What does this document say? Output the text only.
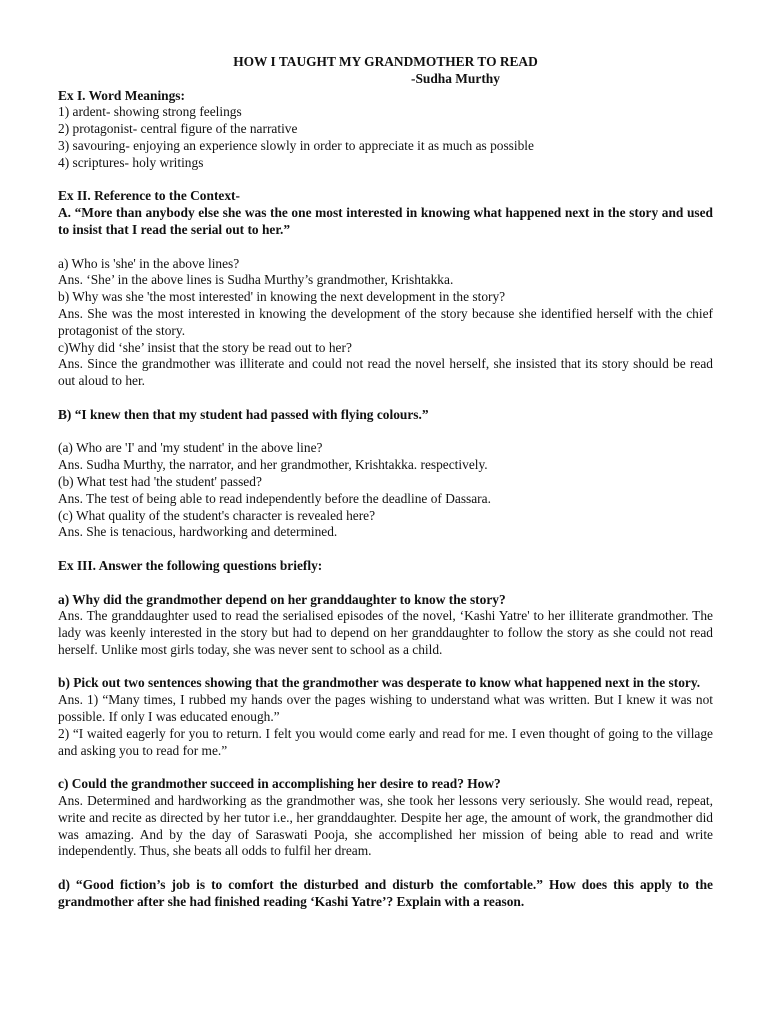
HOW I TAUGHT MY GRANDMOTHER TO READ

-Sudha Murthy

Ex I. Word Meanings:

1) ardent- showing strong feelings

2) protagonist- central figure of the narrative

3) savouring- enjoying an experience slowly in order to appreciate it as much as possible

4) scriptures- holy writings

Ex II. Reference to the Context-

A. “More than anybody else she was the one most interested in knowing what happened next in the story and used to insist that I read the serial out to her.”

a) Who is 'she' in the above lines?

Ans. ‘She’ in the above lines is Sudha Murthy’s grandmother, Krishtakka.

b) Why was she 'the most interested' in knowing the next development in the story?

Ans. She was the most interested in knowing the development of the story because she identified herself with the chief protagonist of the story.

c)Why did ‘she’ insist that the story be read out to her?

Ans. Since the grandmother was illiterate and could not read the novel herself, she insisted that its story should be read out aloud to her.

B) “I knew then that my student had passed with flying colours.”

(a) Who are 'I' and 'my student' in the above line?

Ans. Sudha Murthy, the narrator, and her grandmother, Krishtakka. respectively.

(b) What test had 'the student' passed?

Ans. The test of being able to read independently before the deadline of Dassara.

(c) What quality of the student's character is revealed here?

Ans. She is tenacious, hardworking and determined.

Ex III. Answer the following questions briefly:

a) Why did the grandmother depend on her granddaughter to know the story?

Ans. The granddaughter used to read the serialised episodes of the novel, ‘Kashi Yatre' to her illiterate grandmother. The lady was keenly interested in the story but had to depend on her granddaughter to follow the story as she could not read herself. Unlike most girls today, she was never sent to school as a child.

b) Pick out two sentences showing that the grandmother was desperate to know what happened next in the story.

Ans. 1) “Many times, I rubbed my hands over the pages wishing to understand what was written. But I knew it was not possible. If only I was educated enough.”

2) “I waited eagerly for you to return. I felt you would come early and read for me. I even thought of going to the village and asking you to read for me.”

c) Could the grandmother succeed in accomplishing her desire to read? How?

Ans. Determined and hardworking as the grandmother was, she took her lessons very seriously. She would read, repeat, write and recite as directed by her tutor i.e., her granddaughter. Despite her age, the amount of work, the grandmother did was amazing. And by the day of Saraswati Pooja, she accomplished her mission of being able to read and write independently. Thus, she beats all odds to fulfil her dream.

d) “Good fiction’s job is to comfort the disturbed and disturb the comfortable.” How does this apply to the grandmother after she had finished reading ‘Kashi Yatre’? Explain with a reason.
